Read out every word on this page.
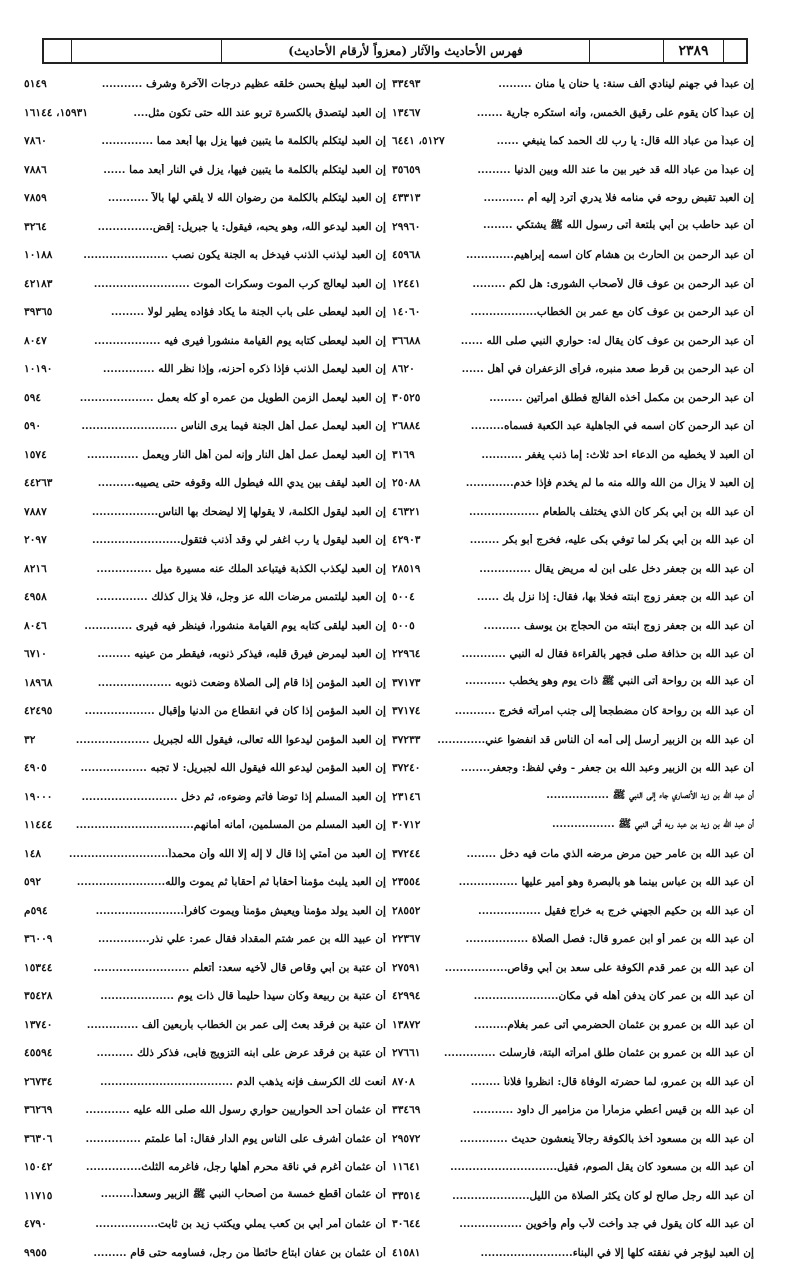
فهرس الأحاديث والآثار (معزواً لأرقام الأحاديث)	٢٣٨٩
إن عبداً في جهنم لينادي ألف سنة: يا حنان يا منان .........
٣٣٤٩٣
إن عبداً كان يقوم على رقيق الخمس، وأنه استكره جارية .......
١٣٤٦٧
إن عبداً من عباد الله قال: يا رب لك الحمد كما ينبغي ......
٥١٢٧، ٦٤٤١
إن عبداً من عباد الله قد خير بين ما عند الله وبين الدنيا .........
٣٥٦٥٩
إن العبد تقبض روحه في منامه فلا يدري أترد إليه أم ...........
٤٣٣١٣
أن عبد حاطب بن أبي بلتعة أتى رسول الله ﷺ يشتكي ........
٢٩٩٦٠
أن عبد الرحمن بن الحارث بن هشام كان اسمه إبراهيم.............
٤٥٩٦٨
أن عبد الرحمن بن عوف قال لأصحاب الشورى: هل لكم .........
١٢٤٤١
أن عبد الرحمن بن عوف كان مع عمر بن الخطاب..................
١٤٠٦٠
أن عبد الرحمن بن عوف كان يقال له: حواري النبي صلى الله ......
٣٦٦٨٨
أن عبد الرحمن بن قرط صعد منبره، فرأى الزعفران في أهل ......
٨٦٢٠
أن عبد الرحمن بن مكمل أخذه الفالج فطلق امرأتين .........
٣٠٥٢٥
أن عبد الرحمن كان اسمه في الجاهلية عبد الكعبة فسماه.........
٢٦٨٨٤
أن العبد لا يخطيه من الدعاء احد ثلاث: إما ذنب يغفر ...........
٣١٦٩
إن العبد لا يزال من الله والله منه ما لم يخدم فإذا خدم.............
٢٥٠٨٨
أن عبد الله بن أبي بكر كان الذي يختلف بالطعام ...................
٤٦٣٢١
أن عبد الله بن أبي بكر لما توفي بكى عليه، فخرج أبو بكر ........
٤٢٩٠٣
أن عبد الله بن جعفر دخل على ابن له مريض يقال ..............
٢٨٥١٩
أن عبد الله بن جعفر زوج ابنته فخلا بها، فقال: إذا نزل بك ......
٥٠٠٤
أن عبد الله بن جعفر زوج ابنته من الحجاج بن يوسف ..........
٥٠٠٥
أن عبد الله بن حذافة صلى فجهر بالقراءة فقال له النبي ............
٢٢٩٦٤
أن عبد الله بن رواحة أتى النبي ﷺ ذات يوم وهو يخطب ...........
٣٧١٧٣
أن عبد الله بن رواحة كان مضطجعاً إلى جنب امرأته فخرج ...........
٣٧١٧٤
أن عبد الله بن الزبير أرسل إلى أمه أن الناس قد انفضوا عني.............
٣٧٢٣٣
أن عبد الله بن الزبير وعبد الله بن جعفر - وفي لفظ: وجعفر........
٣٧٢٤٠
أن عبد الله بن زيد الأنصاري جاء إلى النبي ﷺ .................
٢٣١٤٦
أن عبد الله بن زيد بن عبد ربه أتى النبي ﷺ .................
٣٠٧١٢
أن عبد الله بن عامر حين مرض مرضه الذي مات فيه دخل ........
٣٧٢٤٤
أن عبد الله بن عباس بينما هو بالبصرة وهو أمير عليها ................
٢٣٥٥٤
أن عبد الله بن حكيم الجهني خرج به خراج فقيل .................
٢٨٥٥٢
أن عبد الله بن عمر أو ابن عمرو قال: فصل الصلاة .................
٢٢٣٦٧
أن عبد الله بن عمر قدم الكوفة على سعد بن أبي وقاص.................
٢٧٥٩١
أن عبد الله بن عمر كان يدفن أهله في مكان.......................
٤٢٩٩٤
أن عبد الله بن عمرو بن عثمان الحضرمي أتى عمر بغلام.........
١٣٨٧٢
أن عبد الله بن عمرو بن عثمان طلق امرأته البتة، فأرسلت ..............
٢٧٦٦١
أن عبد الله بن عمرو، لما حضرته الوفاة قال: انظروا فلاناً ........
٨٧٠٨
أن عبد الله بن قيس أعطي مزماراً من مزامير آل داود ...........
٣٣٤٦٩
أن عبد الله بن مسعود أخذ بالكوفة رجالاً ينعشون حديث .............
٢٩٥٧٢
أن عبد الله بن مسعود كان يقل الصوم، فقيل.............................
١١٦٤١
أن عبد الله رجل صالح لو كان يكثر الصلاة من الليل.....................
٣٣٥١٤
أن عبد الله كان يقول في جد وأخت لأب وأم وأخوين .................
٣٠٦٤٤
إن العبد ليؤجر في نفقته كلها إلا في البناء.........................
٤١٥٨١
إن العبد ليبلغ بحسن خلقه عظيم درجات الآخرة وشرف ...........
٥١٤٩
إن العبد ليتصدق بالكسرة تربو عند الله حتى تكون مثل....
١٥٩٣١، ١٦١٤٤
إن العبد ليتكلم بالكلمة ما يتبين فيها يزل بها أبعد مما ..............
٧٨٦٠
إن العبد ليتكلم بالكلمة ما يتبين فيها، يزل في النار أبعد مما ......
٧٨٨٦
إن العبد ليتكلم بالكلمة من رضوان الله لا يلقي لها بالاً ...........
٧٨٥٩
إن العبد ليدعو الله، وهو يحبه، فيقول: يا جبريل: إقض...............
٣٢٦٤
إن العبد ليذنب الذنب فيدخل به الجنة يكون نصب .......................
١٠١٨٨
إن العبد ليعالج كرب الموت وسكرات الموت ..........................
٤٢١٨٣
إن العبد ليعطى على باب الجنة ما يكاد فؤاده يطير لولا .........
٣٩٣٦٥
إن العبد ليعطى كتابه يوم القيامة منشوراً فيرى فيه ..................
٨٠٤٧
إن العبد ليعمل الذنب فإذا ذكره أحزنه، وإذا نظر الله ..............
١٠١٩٠
إن العبد ليعمل الزمن الطويل من عمره أو كله بعمل ....................
٥٩٤
إن العبد ليعمل عمل أهل الجنة فيما يرى الناس ..........................
٥٩٠
إن العبد ليعمل عمل أهل النار وإنه لمن أهل النار ويعمل ..............
١٥٧٤
إن العبد ليقف بين يدي الله فيطول الله وقوفه حتى يصيبه..........
٤٤٢٦٣
إن العبد ليقول الكلمة، لا يقولها إلا ليضحك بها الناس..................
٧٨٨٧
إن العبد ليقول يا رب اغفر لي وقد أذنب فتقول........................
٢٠٩٧
إن العبد ليكذب الكذبة فيتباعد الملك عنه مسيرة ميل ...............
٨٢١٦
إن العبد ليلتمس مرضات الله عز وجل، فلا يزال كذلك ..............
٤٩٥٨
إن العبد ليلقى كتابه يوم القيامة منشوراً، فينظر فيه فيرى .............
٨٠٤٦
إن العبد ليمرض فيرق قلبه، فيذكر ذنوبه، فيقطر من عينيه .........
٦٧١٠
إن العبد المؤمن إذا قام إلى الصلاة وضعت ذنوبه ....................
١٨٩٦٨
إن العبد المؤمن إذا كان في انقطاع من الدنيا وإقبال ...................
٤٢٤٩٥
إن العبد المؤمن ليدعوا الله تعالى، فيقول الله لجبريل ....................
٣٢
إن العبد المؤمن ليدعو الله فيقول الله لجبريل: لا تجبه ..................
٤٩٠٥
إن العبد المسلم إذا توضأ فأتم وضوءه، ثم دخل ..........................
١٩٠٠٠
إن العبد المسلم من المسلمين، أمانه أمانهم................................
١١٤٤٤
إن العبد من أمتي إذا قال لا إله إلا الله وأن محمداً...........................
١٤٨
إن العبد يلبث مؤمناً أحقاباً ثم أحقاباً ثم يموت والله........................
٥٩٢
إن العبد يولد مؤمناً ويعيش مؤمناً ويموت كافراً........................
٥٩٤م
أن عبيد الله بن عمر شتم المقداد فقال عمر: علي نذر..............
٣٦٠٠٩
أن عتبة بن أبي وقاص قال لأخيه سعد: أتعلم ..........................
١٥٣٤٤
أن عتبة بن ربيعة وكان سيداً حليماً قال ذات يوم ....................
٣٥٤٢٨
أن عتبة بن فرقد بعث إلى عمر بن الخطاب بأربعين ألف ..............
١٣٧٤٠
أن عتبة بن فرقد عرض على ابنه التزويج فأبى، فذكر ذلك ..........
٤٥٥٩٤
أنعت لك الكرسف فإنه يذهب الدم ....................................
٢٦٧٣٤
أن عثمان أحد الحواريين حواري رسول الله صلى الله عليه ............
٣٦٢٦٩
أن عثمان أشرف على الناس يوم الدار فقال: أما علمتم ...............
٣٦٣٠٦
أن عثمان أغرم في ناقة محرم أهلها رجل، فأغرمه الثلث...............
١٥٠٤٢
أن عثمان أقطع خمسة من أصحاب النبي ﷺ الزبير وسعداً.........
١١٧١٥
أن عثمان أمر أبي بن كعب يملي ويكتب زيد بن ثابت.................
٤٧٩٠
أن عثمان بن عفان ابتاع حائطاً من رجل، فساومه حتى قام .........
٩٩٥٥
